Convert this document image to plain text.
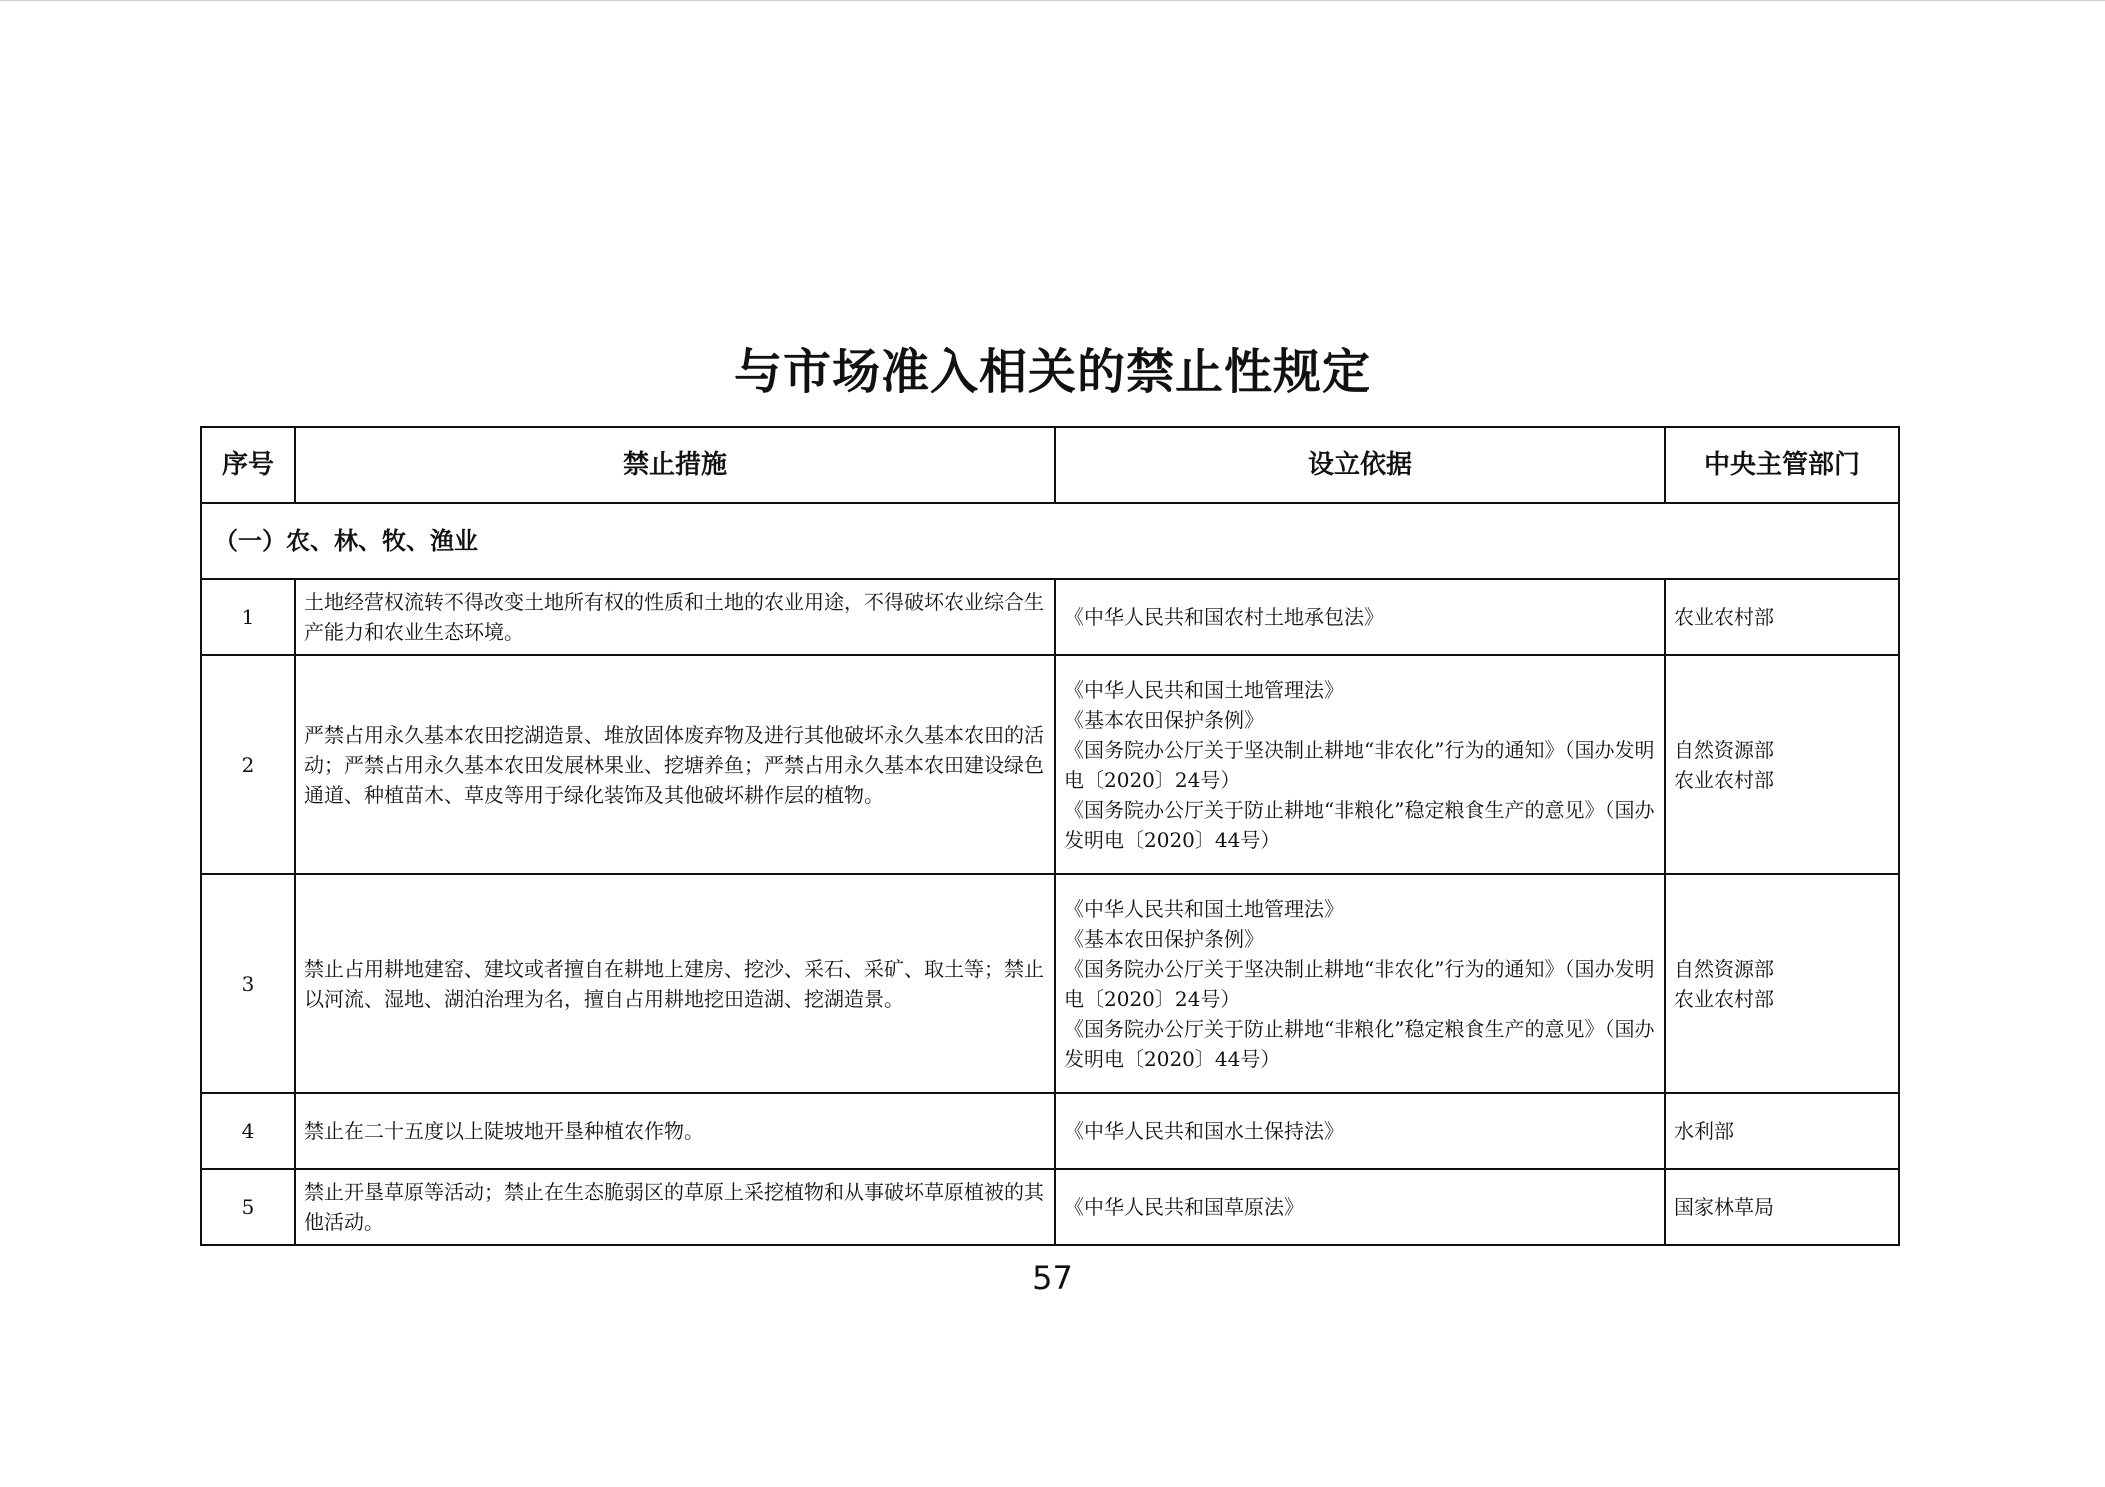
与市场准入相关的禁止性规定
序号	禁止措施	设立依据	中央主管部门
（一）农、林、牧、渔业			
1	土地经营权流转不得改变土地所有权的性质和土地的农业用途，不得破坏农业综合生产能力和农业生态环境。	《中华人民共和国农村土地承包法》	农业农村部

2	严禁占用永久基本农田挖湖造景、堆放固体废弃物及进行其他破坏永久基本农田的活动；严禁占用永久基本农田发展林果业、挖塘养鱼；严禁占用永久基本农田建设绿色通道、种植苗木、草皮等用于绿化装饰及其他破坏耕作层的植物。	《中华人民共和国土地管理法》
《基本农田保护条例》
《国务院办公厅关于坚决制止耕地“非农化”行为的通知》（国办发明电〔2020〕24号）
《国务院办公厅关于防止耕地“非粮化”稳定粮食生产的意见》（国办发明电〔2020〕44号）	自然资源部
农业农村部

3	禁止占用耕地建窑、建坟或者擅自在耕地上建房、挖沙、采石、采矿、取土等；禁止以河流、湿地、湖泊治理为名，擅自占用耕地挖田造湖、挖湖造景。	《中华人民共和国土地管理法》
《基本农田保护条例》
《国务院办公厅关于坚决制止耕地“非农化”行为的通知》（国办发明电〔2020〕24号）
《国务院办公厅关于防止耕地“非粮化”稳定粮食生产的意见》（国办发明电〔2020〕44号）	自然资源部
农业农村部

4	禁止在二十五度以上陡坡地开垦种植农作物。	《中华人民共和国水土保持法》	水利部

5	禁止开垦草原等活动；禁止在生态脆弱区的草原上采挖植物和从事破坏草原植被的其他活动。	《中华人民共和国草原法》	国家林草局
57
